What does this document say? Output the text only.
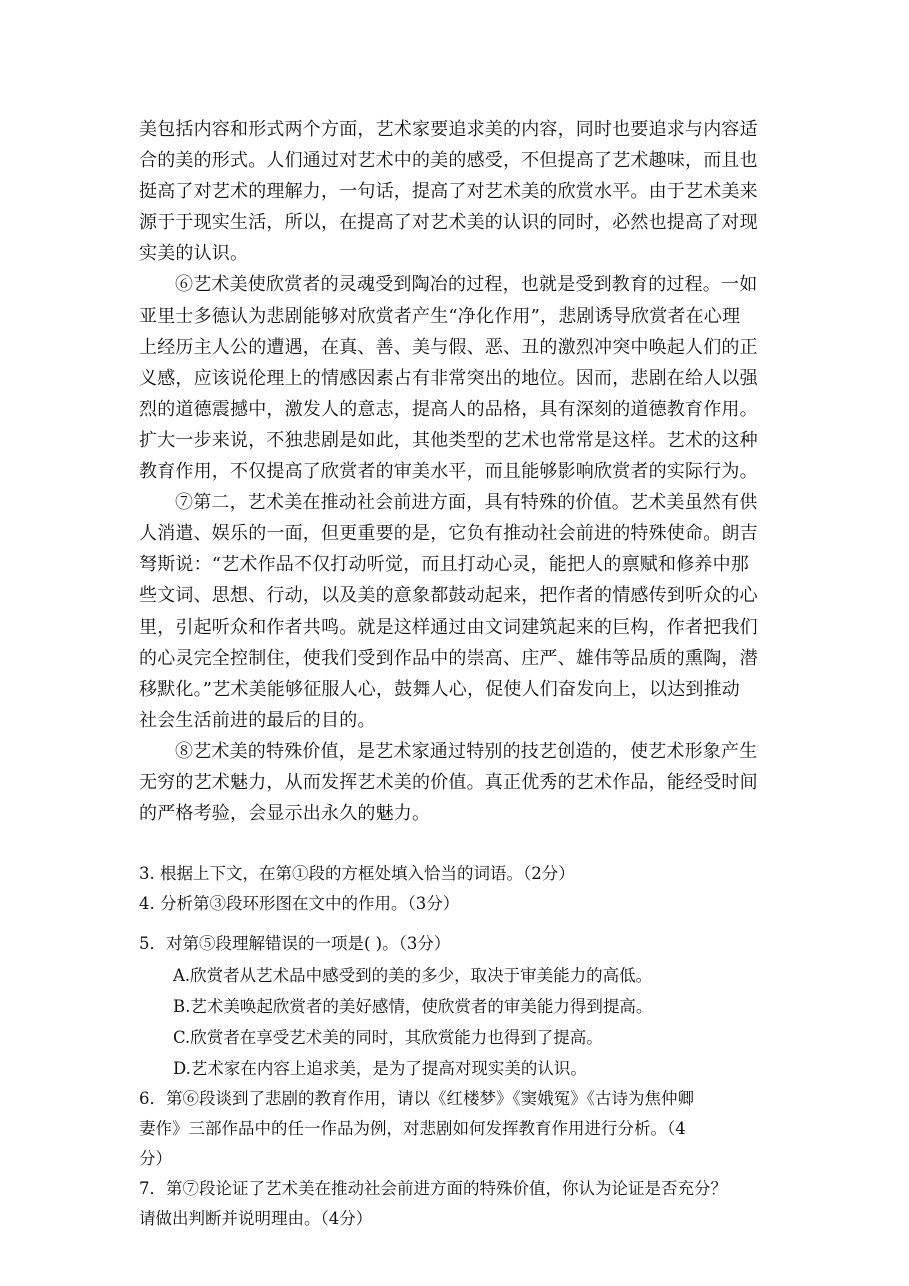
美包括内容和形式两个方面，艺术家要追求美的内容，同时也要追求与内容适
合的美的形式。人们通过对艺术中的美的感受，不但提高了艺术趣味，而且也
挺高了对艺术的理解力，一句话，提高了对艺术美的欣赏水平。由于艺术美来
源于于现实生活，所以，在提高了对艺术美的认识的同时，必然也提高了对现
实美的认识。
⑥艺术美使欣赏者的灵魂受到陶冶的过程，也就是受到教育的过程。一如
亚里士多德认为悲剧能够对欣赏者产生“净化作用”，悲剧诱导欣赏者在心理
上经历主人公的遭遇，在真、善、美与假、恶、丑的激烈冲突中唤起人们的正
义感，应该说伦理上的情感因素占有非常突出的地位。因而，悲剧在给人以强
烈的道德震撼中，激发人的意志，提高人的品格，具有深刻的道德教育作用。
扩大一步来说，不独悲剧是如此，其他类型的艺术也常常是这样。艺术的这种
教育作用，不仅提高了欣赏者的审美水平，而且能够影响欣赏者的实际行为。
⑦第二，艺术美在推动社会前进方面，具有特殊的价值。艺术美虽然有供
人消遣、娱乐的一面，但更重要的是，它负有推动社会前进的特殊使命。朗吉
弩斯说：“艺术作品不仅打动听觉，而且打动心灵，能把人的禀赋和修养中那
些文词、思想、行动，以及美的意象都鼓动起来，把作者的情感传到听众的心
里，引起听众和作者共鸣。就是这样通过由文词建筑起来的巨构，作者把我们
的心灵完全控制住，使我们受到作品中的崇高、庄严、雄伟等品质的熏陶，潜
移默化。”艺术美能够征服人心，鼓舞人心，促使人们奋发向上，以达到推动
社会生活前进的最后的目的。
⑧艺术美的特殊价值，是艺术家通过特别的技艺创造的，使艺术形象产生
无穷的艺术魅力，从而发挥艺术美的价值。真正优秀的艺术作品，能经受时间
的严格考验，会显示出永久的魅力。
3. 根据上下文，在第①段的方框处填入恰当的词语。（2分）
4. 分析第③段环形图在文中的作用。（3分）
5．对第⑤段理解错误的一项是( )。（3分）
A.欣赏者从艺术品中感受到的美的多少，取决于审美能力的高低。
B.艺术美唤起欣赏者的美好感情，使欣赏者的审美能力得到提高。
C.欣赏者在享受艺术美的同时，其欣赏能力也得到了提高。
D.艺术家在内容上追求美，是为了提高对现实美的认识。
6．第⑥段谈到了悲剧的教育作用，请以《红楼梦》《窦娥冤》《古诗为焦仲卿
妻作》三部作品中的任一作品为例，对悲剧如何发挥教育作用进行分析。（4
分）
7．第⑦段论证了艺术美在推动社会前进方面的特殊价值，你认为论证是否充分？
请做出判断并说明理由。（4分）
